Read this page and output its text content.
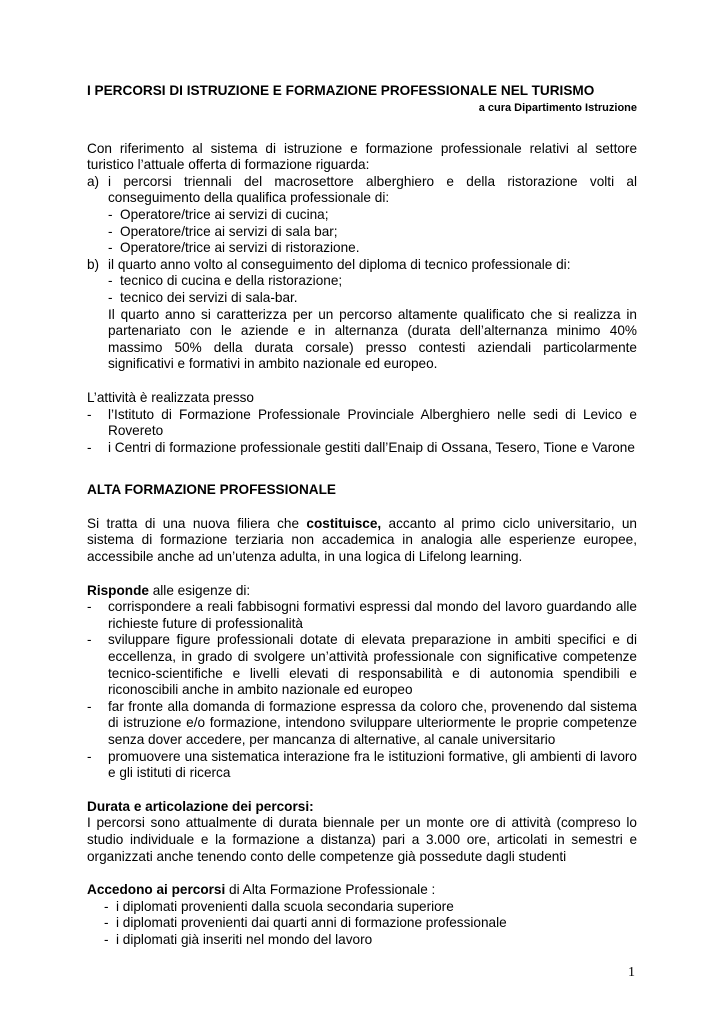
I PERCORSI DI ISTRUZIONE E FORMAZIONE PROFESSIONALE NEL TURISMO
a cura Dipartimento Istruzione

Con riferimento al sistema di istruzione e formazione professionale relativi al settore turistico l’attuale offerta di formazione riguarda:

a) i percorsi triennali del macrosettore alberghiero e della ristorazione volti al conseguimento della qualifica professionale di:
- Operatore/trice ai servizi di cucina;
- Operatore/trice ai servizi di sala bar;
- Operatore/trice ai servizi di ristorazione.
b) il quarto anno volto al conseguimento del diploma di tecnico professionale di:
- tecnico di cucina e della ristorazione;
- tecnico dei servizi di sala-bar.

Il quarto anno si caratterizza per un percorso altamente qualificato che si realizza in partenariato con le aziende e in alternanza (durata dell’alternanza minimo 40% massimo 50% della durata corsale) presso contesti aziendali particolarmente significativi e formativi in ambito nazionale ed europeo.

L’attività è realizzata presso

-	l’Istituto di Formazione Professionale Provinciale Alberghiero nelle sedi di Levico e Rovereto
-	i Centri di formazione professionale gestiti dall’Enaip di Ossana, Tesero, Tione e Varone
ALTA FORMAZIONE PROFESSIONALE

Si tratta di una nuova filiera che costituisce, accanto al primo ciclo universitario, un sistema di formazione terziaria non accademica in analogia alle esperienze europee, accessibile anche ad un’utenza adulta, in una logica di Lifelong learning.

Risponde alle esigenze di:

-	corrispondere a reali fabbisogni formativi espressi dal mondo del lavoro guardando alle richieste future di professionalità
-	sviluppare figure professionali dotate di elevata preparazione in ambiti specifici e di eccellenza, in grado di svolgere un’attività professionale con significative competenze tecnico-scientifiche e livelli elevati di responsabilità e di autonomia spendibili e riconoscibili anche in ambito nazionale ed europeo
-	far fronte alla domanda di formazione espressa da coloro che, provenendo dal sistema di istruzione e/o formazione, intendono sviluppare ulteriormente le proprie competenze senza dover accedere, per mancanza di alternative, al canale universitario
-	promuovere una sistematica interazione fra le istituzioni formative, gli ambienti di lavoro e gli istituti di ricerca
Durata e articolazione dei percorsi:

I percorsi sono attualmente di durata biennale per un monte ore di attività (compreso lo studio individuale e la formazione a distanza) pari a 3.000 ore, articolati in semestri e organizzati anche tenendo conto delle competenze già possedute dagli studenti

Accedono ai percorsi di Alta Formazione Professionale :

- i diplomati provenienti dalla scuola secondaria superiore
- i diplomati provenienti dai quarti anni di formazione professionale
- i diplomati già inseriti nel mondo del lavoro
1
